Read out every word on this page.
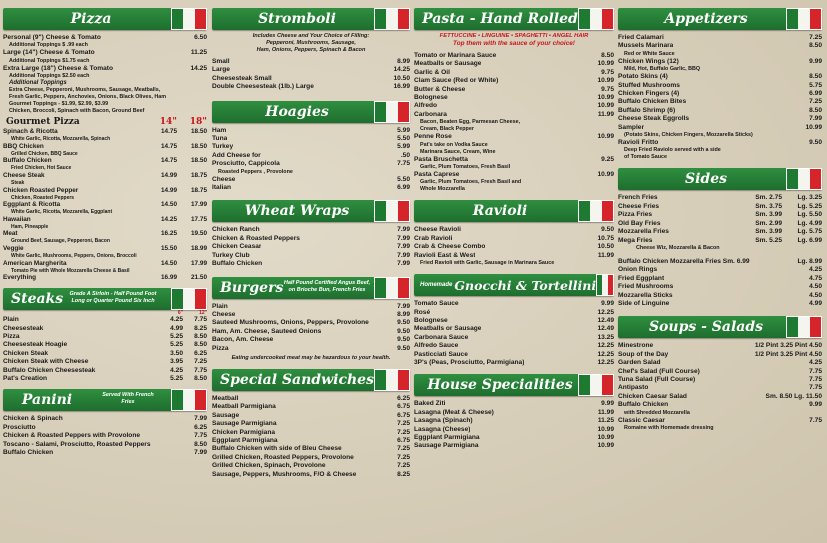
Pizza
Personal (9") Cheese & Tomato	6.50
Additional Toppings $ .99 each
Large (14") Cheese & Tomato	11.25
Additional Toppings $1.75 each
Extra Large (18") Cheese & Tomato	14.25
Additional Toppings $2.50 each
Additional Toppings
Extra Cheese, Pepperoni, Mushrooms, Sausage, Meatballs,
Fresh Garlic, Peppers, Anchovies, Onions, Black Olives, Ham
Gourmet Toppings - $1.99, $2.99, $3.99
Chicken, Broccoli, Spinach with Bacon, Ground Beef
Gourmet Pizza	14"	18"
Spinach & Ricotta	14.75	18.50
White Garlic, Ricotta, Mozzarella, Spinach
BBQ Chicken	14.75	18.50
Grilled Chicken, BBQ Sauce
Buffalo Chicken	14.75	18.50
Fried Chicken, Hot Sauce
Cheese Steak	14.99	18.75
Steak
Chicken Roasted Pepper	14.99	18.75
Chicken, Roasted Peppers
Eggplant & Ricotta	14.50	17.99
White Garlic, Ricotta, Mozzarella, Eggplant
Hawaiian	14.25	17.75
Ham, Pineapple
Meat	16.25	19.50
Ground Beef, Sausage, Pepperoni, Bacon
Veggie	15.50	18.99
White Garlic, Mushrooms, Peppers, Onions, Broccoli
American Margherita	14.50	17.99
Tomato Pie with Whole Mozzarella Cheese & Basil
Everything	16.99	21.50
Steaks	Grade A Sirloin - Half Pound Foot Long or Quarter Pound Six Inch
6"	12"
Plain	4.25	7.75
Cheesesteak	4.99	8.25
Pizza	5.25	8.50
Cheesesteak Hoagie	5.25	8.50
Chicken Steak	3.50	6.25
Chicken Steak with Cheese	3.95	7.25
Buffalo Chicken Cheesesteak	4.25	7.75
Pat's Creation	5.25	8.50
Panini	Served With French Fries
Chicken & Spinach	7.99
Prosciutto	6.25
Chicken & Roasted Peppers with Provolone	7.75
Toscano - Salami, Prosciutto, Roasted Peppers	8.50
Buffalo Chicken	7.99
Stromboli
Includes Cheese and Your Choice of Filling:
Pepperoni, Mushrooms, Sausage,
Ham, Onions, Peppers, Spinach & Bacon
Small	8.99
Large	14.25
Cheesesteak Small	10.50
Double Cheesesteak (1lb.) Large	16.99
Hoagies
Ham	5.99
Tuna	5.50
Turkey	5.99
Add Cheese for	.50
Prosciutto, Cappicola	7.75
Roasted Peppers , Provolone
Cheese	5.50
Italian	6.99
Wheat Wraps
Chicken Ranch	7.99
Chicken & Roasted Peppers	7.99
Chicken Ceasar	7.99
Turkey Club	7.99
Buffalo Chicken	7.99
Burgers Half Pound Certified Angus Beef, on Brioche Bun, French Fries
Plain	7.99
Cheese	8.99
Sauteed Mushrooms, Onions, Peppers, Provolone	9.50
Ham, Am. Cheese, Sauteed Onions	9.50
Bacon, Am. Cheese	9.50
Pizza	9.50
Eating undercooked meat may be hazardous to your health.
Special Sandwiches
Meatball	6.25
Meatball Parmigiana	6.75
Sausage	6.75
Sausage Parmigiana	7.25
Chicken Parmigiana	7.25
Eggplant Parmigiana	6.75
Buffalo Chicken with side of Bleu Cheese	7.25
Grilled Chicken, Roasted Peppers, Provolone	7.25
Grilled Chicken, Spinach, Provolone	7.25
Sausage, Peppers, Mushrooms, F/O & Cheese	8.25
Pasta - Hand Rolled
FETTUCCINE • LINGUINE • SPAGHETTI • ANGEL HAIR
Top them with the sauce of your choice!
Tomato or Marinara Sauce	8.50
Meatballs or Sausage	10.99
Garlic & Oil	9.75
Clam Sauce (Red or White)	10.99
Butter & Cheese	9.75
Bolognese	10.99
Alfredo	10.99
Carbonara	11.99
Bacon, Beaten Egg, Parmesan Cheese,
Cream, Black Pepper
Penne Rose	10.99
Pat's take on Vodka Sauce
Marinara Sauce, Cream, Wine
Pasta Bruschetta	9.25
Garlic, Plum Tomatoes, Fresh Basil
Pasta Caprese	10.99
Garlic, Plum Tomatoes, Fresh Basil and
Whole Mozzarella
Ravioli
Cheese Ravioli	9.50
Crab Ravioli	10.75
Crab & Cheese Combo	10.50
Ravioli East & West	11.99
Fried Ravioli with Garlic, Sausage in Marinara Sauce
Homemade Gnocchi & Tortellini
Tomato Sauce	9.99
Rosé	12.25
Bolognese	12.49
Meatballs or Sausage	12.49
Carbonara Sauce	13.25
Alfredo Sauce	12.25
Pasticciati Sauce	12.25
3P's (Peas, Prosciutto, Parmigiana)	12.25
House Specialities
Baked Ziti	9.99
Lasagna (Meat & Cheese)	11.99
Lasagna (Spinach)	11.25
Lasagna (Cheese)	10.99
Eggplant Parmigiana	10.99
Sausage Parmigiana	10.99
Appetizers
Fried Calamari	7.25
Mussels Marinara	8.50
Red or White Sauce
Chicken Wings (12)	9.99
Mild, Hot, Buffalo Garlic, BBQ
Potato Skins (4)	8.50
Stuffed Mushrooms	5.75
Chicken Fingers (4)	6.99
Buffalo Chicken Bites	7.25
Buffalo Shrimp (6)	8.50
Cheese Steak Eggrolls	7.99
Sampler	10.99
(Potato Skins, Chicken Fingers, Mozzarella Sticks)
Ravioli Fritto	9.50
Deep Fried Raviolo served with a side
of Tomato Sauce
Sides
French Fries	Sm. 2.75	Lg. 3.25
Cheese Fries	Sm. 3.75	Lg. 5.25
Pizza Fries	Sm. 3.99	Lg. 5.50
Old Bay Fries	Sm. 2.99	Lg. 4.99
Mozzarella Fries	Sm. 3.99	Lg. 5.75
Mega Fries	Sm. 5.25	Lg. 6.99
Cheese Wiz, Mozzarella & Bacon
Buffalo Chicken Mozzarella Fries Sm. 6.99	Lg. 8.99
Onion Rings	4.25
Fried Eggplant	4.75
Fried Mushrooms	4.50
Mozzarella Sticks	4.50
Side of Linguine	4.99
Soups - Salads
Minestrone	1/2 Pint 3.25 Pint 4.50
Soup of the Day	1/2 Pint 3.25 Pint 4.50
Garden Salad	4.25
Chef's Salad (Full Course)	7.75
Tuna Salad (Full Course)	7.75
Antipasto	7.75
Chicken Caesar Salad	Sm. 8.50 Lg. 11.50
Buffalo Chicken	9.99
with Shredded Mozzarella
Classic Caesar	7.75
Romaine with Homemade dressing
